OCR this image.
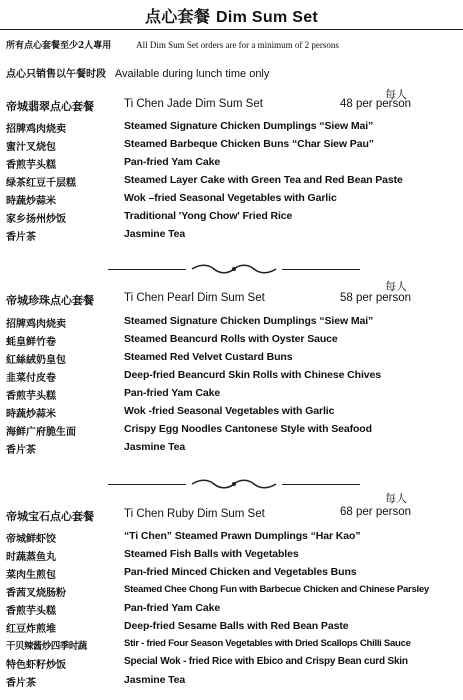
点心套餐 Dim Sum Set
所有点心套餐至少2人專用	All Dim Sum Set orders are for a minimum of 2 persons
点心只销售以午餐时段 Available during lunch time only
每人
帝城翡翠点心套餐	Ti Chen Jade Dim Sum Set	48 per person
招牌鸡肉烧卖	Steamed Signature Chicken Dumplings “Siew Mai”
蜜汁叉烧包	Steamed Barbeque Chicken Buns “Char Siew Pau”
香煎芋头糕	Pan-fried Yam Cake
绿茶红豆千层糕	Steamed Layer Cake with Green Tea and Red Bean Paste
時蔬炒蒜米	Wok –fried Seasonal Vegetables with Garlic
家乡扬州炒饭	Traditional 'Yong Chow' Fried Rice
香片茶	Jasmine Tea
每人
帝城珍珠点心套餐	Ti Chen Pearl Dim Sum Set	58 per person
招牌鸡肉烧卖	Steamed Signature Chicken Dumplings “Siew Mai”
蚝皇鲜竹卷	Steamed Beancurd Rolls with Oyster Sauce
紅絲絨奶皇包	Steamed Red Velvet Custard Buns
韭菜付皮卷	Deep-fried Beancurd Skin Rolls with Chinese Chives
香煎芋头糕	Pan-fried Yam Cake
時蔬炒蒜米	Wok -fried Seasonal Vegetables with Garlic
海鲜广府脆生面	Crispy Egg Noodles Cantonese Style with Seafood
香片茶	Jasmine Tea
每人
帝城宝石点心套餐	Ti Chen Ruby Dim Sum Set	68 per person
帝城鲜虾饺	“Ti Chen” Steamed Prawn Dumplings “Har Kao”
时蔬蒸鱼丸	Steamed Fish Balls with Vegetables
菜肉生煎包	Pan-fried Minced Chicken and Vegetables Buns
香茜叉烧肠粉	Steamed Chee Chong Fun with Barbecue Chicken and Chinese Parsley
香煎芋头糕	Pan-fried Yam Cake
红豆炸煎堆	Deep-fried Sesame Balls with Red Bean Paste
干贝辣酱炒四季时蔬	Stir - fried Four Season Vegetables with Dried Scallops Chilli Sauce
特色虾籽炒饭	Special Wok - fried Rice with Ebico and Crispy Bean curd Skin
香片茶	Jasmine Tea
